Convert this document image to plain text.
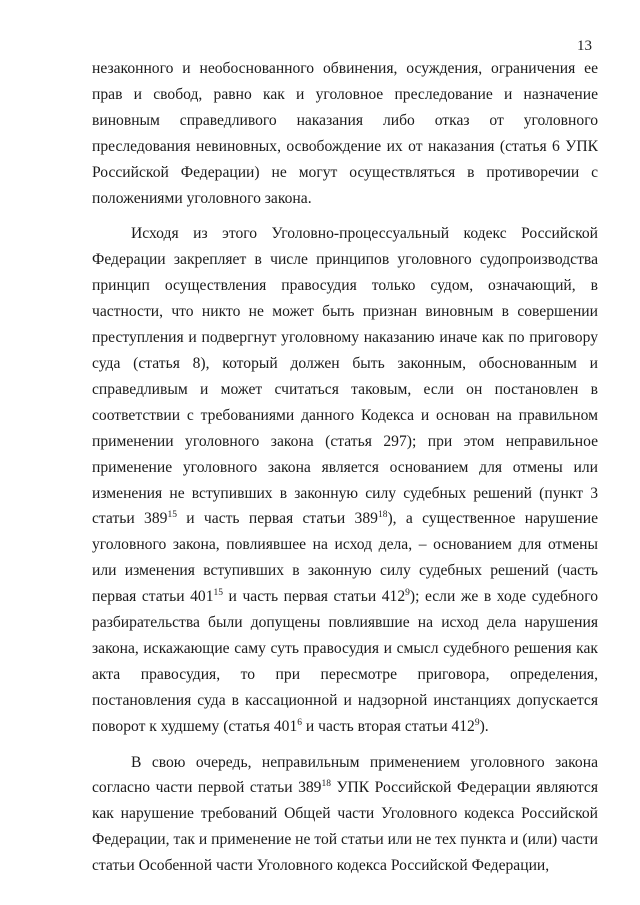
13

незаконного и необоснованного обвинения, осуждения, ограничения ее прав и свобод, равно как и уголовное преследование и назначение виновным справедливого наказания либо отказ от уголовного преследования невиновных, освобождение их от наказания (статья 6 УПК Российской Федерации) не могут осуществляться в противоречии с положениями уголовного закона.

Исходя из этого Уголовно-процессуальный кодекс Российской Федерации закрепляет в числе принципов уголовного судопроизводства принцип осуществления правосудия только судом, означающий, в частности, что никто не может быть признан виновным в совершении преступления и подвергнут уголовному наказанию иначе как по приговору суда (статья 8), который должен быть законным, обоснованным и справедливым и может считаться таковым, если он постановлен в соответствии с требованиями данного Кодекса и основан на правильном применении уголовного закона (статья 297); при этом неправильное применение уголовного закона является основанием для отмены или изменения не вступивших в законную силу судебных решений (пункт 3 статьи $389^{15}$ и часть первая статьи $389^{18}$), а существенное нарушение уголовного закона, повлиявшее на исход дела, – основанием для отмены или изменения вступивших в законную силу судебных решений (часть первая статьи $401^{15}$ и часть первая статьи $412^9$); если же в ходе судебного разбирательства были допущены повлиявшие на исход дела нарушения закона, искажающие саму суть правосудия и смысл судебного решения как акта правосудия, то при пересмотре приговора, определения, постановления суда в кассационной и надзорной инстанциях допускается поворот к худшему (статья $401^6$ и часть вторая статьи $412^9$).

В свою очередь, неправильным применением уголовного закона согласно части первой статьи $389^{18}$ УПК Российской Федерации являются как нарушение требований Общей части Уголовного кодекса Российской Федерации, так и применение не той статьи или не тех пункта и (или) части статьи Особенной части Уголовного кодекса Российской Федерации,
